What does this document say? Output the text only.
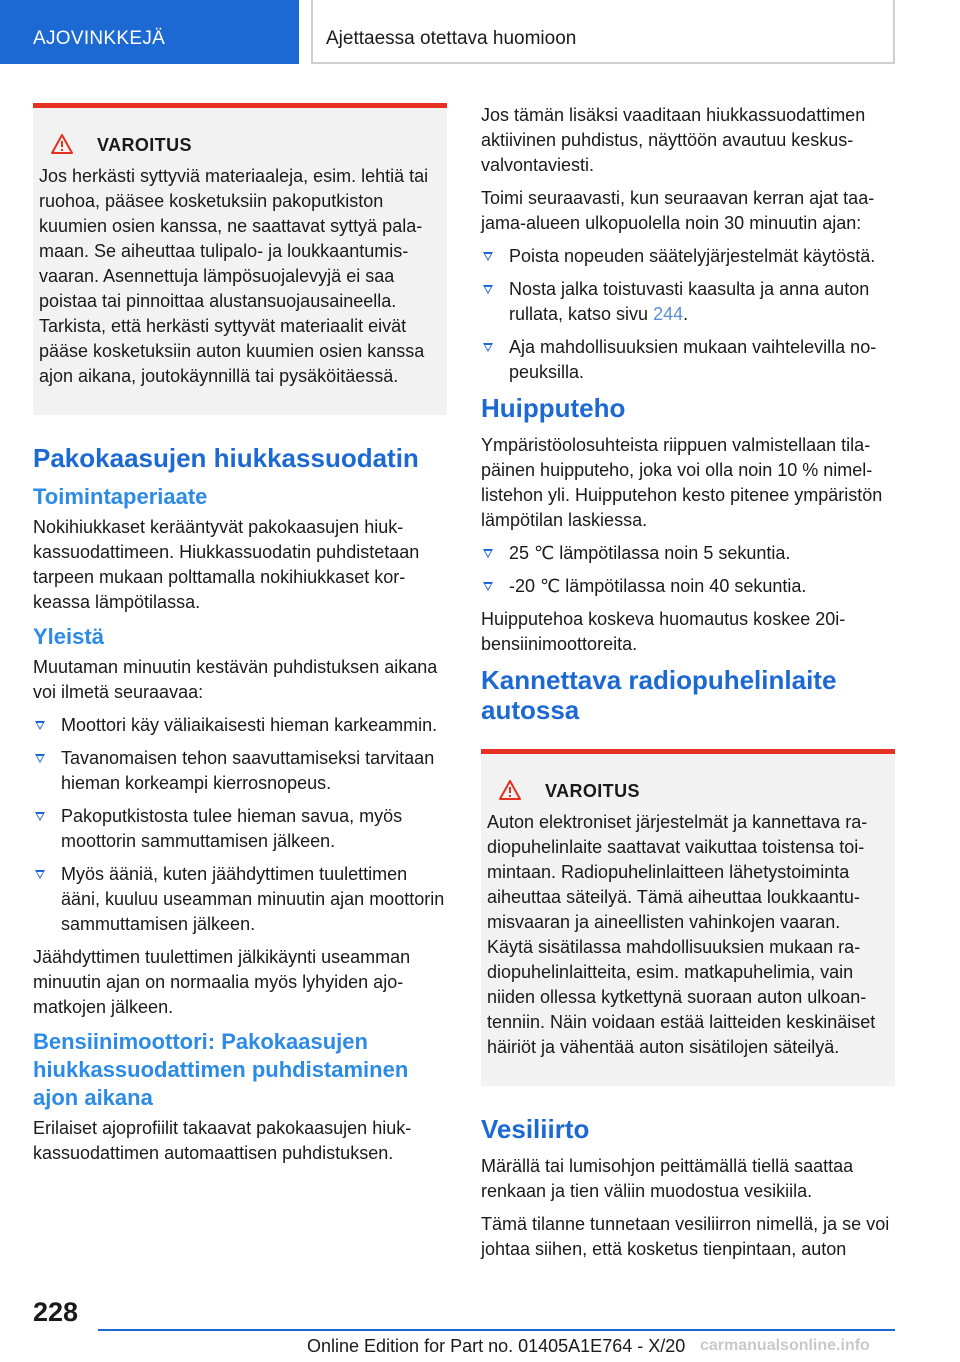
AJOVINKKEJÄ	Ajettaessa otettava huomioon
VAROITUS

Jos herkästi syttyviä materiaaleja, esim. lehtiä tai ruohoa, pääsee kosketuksiin pakoputkiston kuumien osien kanssa, ne saattavat syttyä palamaan. Se aiheuttaa tulipalo- ja loukkaantumisvaaran. Asennettuja lämpösuojalevyjä ei saa poistaa tai pinnoittaa alustansuojausaineella. Tarkista, että herkästi syttyvät materiaalit eivät pääse kosketuksiin auton kuumien osien kanssa ajon aikana, joutokäynnillä tai pysäköitäessä.

Pakokaasujen hiukkassuodatin
Toimintaperiaate

Nokihiukkaset kerääntyvät pakokaasujen hiukkassuodattimeen. Hiukkassuodatin puhdistetaan tarpeen mukaan polttamalla nokihiukkaset korkeassa lämpötilassa.

Yleistä

Muutaman minuutin kestävän puhdistuksen aikana voi ilmetä seuraavaa:

Moottori käy väliaikaisesti hieman karkeammin.
Tavanomaisen tehon saavuttamiseksi tarvitaan hieman korkeampi kierrosnopeus.
Pakoputkistosta tulee hieman savua, myös moottorin sammuttamisen jälkeen.
Myös ääniä, kuten jäähdyttimen tuulettimen ääni, kuuluu useamman minuutin ajan moottorin sammuttamisen jälkeen.

Jäähdyttimen tuulettimen jälkikäynti useamman minuutin ajan on normaalia myös lyhyiden ajomatkojen jälkeen.

Bensiinimoottori: Pakokaasujen hiukkassuodattimen puhdistaminen ajon aikana

Erilaiset ajoprofiilit takaavat pakokaasujen hiukkassuodattimen automaattisen puhdistuksen.

Jos tämän lisäksi vaaditaan hiukkassuodattimen aktiivinen puhdistus, näyttöön avautuu keskusvalvontaviesti.

Toimi seuraavasti, kun seuraavan kerran ajat taajama-alueen ulkopuolella noin 30 minuutin ajan:

Poista nopeuden säätelyjärjestelmät käytöstä.
Nosta jalka toistuvasti kaasulta ja anna auton rullata, katso sivu 244.
Aja mahdollisuuksien mukaan vaihtelevilla nopeuksilla.
Huipputeho

Ympäristöolosuhteista riippuen valmistellaan tilapäinen huipputeho, joka voi olla noin 10 % nimellistehon yli. Huipputehon kesto pitenee ympäristön lämpötilan laskiessa.

25 ℃ lämpötilassa noin 5 sekuntia.
-20 ℃ lämpötilassa noin 40 sekuntia.

Huipputehoa koskeva huomautus koskee 20i-bensiinimoottoreita.

Kannettava radiopuhelinlaite autossa
VAROITUS

Auton elektroniset järjestelmät ja kannettava radiopuhelinlaite saattavat vaikuttaa toistensa toimintaan. Radiopuhelinlaitteen lähetystoiminta aiheuttaa säteilyä. Tämä aiheuttaa loukkaantumisvaaran ja aineellisten vahinkojen vaaran. Käytä sisätilassa mahdollisuuksien mukaan radiopuhelinlaitteita, esim. matkapuhelimia, vain niiden ollessa kytkettynä suoraan auton ulkoantenniin. Näin voidaan estää laitteiden keskinäiset häiriöt ja vähentää auton sisätilojen säteilyä.

Vesiliirto

Märällä tai lumisohjon peittämällä tiellä saattaa renkaan ja tien väliin muodostua vesikiila.

Tämä tilanne tunnetaan vesiliirron nimellä, ja se voi johtaa siihen, että kosketus tienpintaan, auton

228
Online Edition for Part no. 01405A1E764 - X/20 carmanualsonline.info
